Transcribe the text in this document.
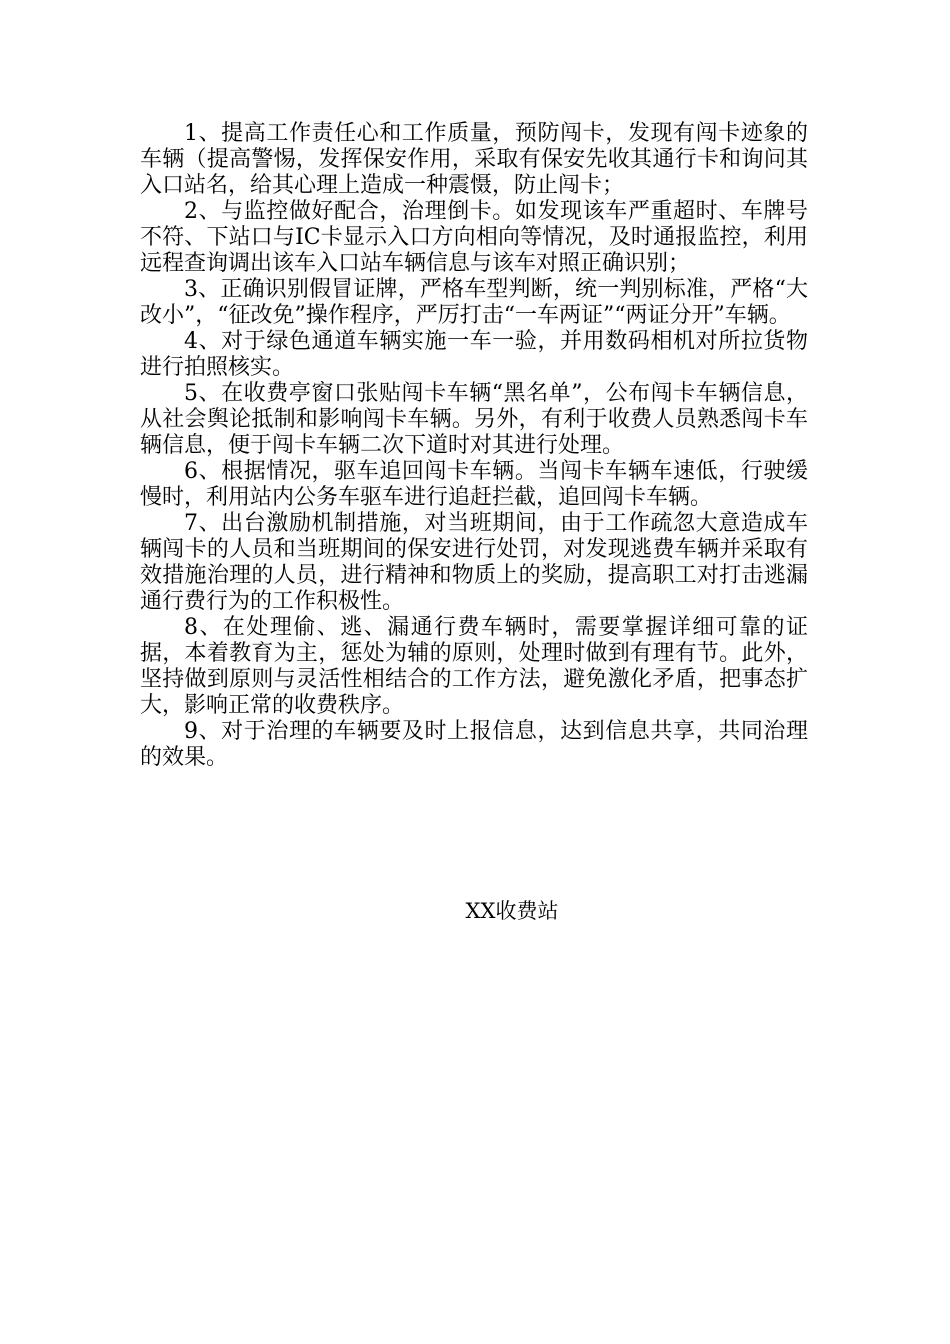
1、提高工作责任心和工作质量，预防闯卡，发现有闯卡迹象的车辆（提高警惕，发挥保安作用，采取有保安先收其通行卡和询问其入口站名，给其心理上造成一种震慑，防止闯卡；

2、与监控做好配合，治理倒卡。如发现该车严重超时、车牌号不符、下站口与IC卡显示入口方向相向等情况，及时通报监控，利用远程查询调出该车入口站车辆信息与该车对照正确识别；

3、正确识别假冒证牌，严格车型判断，统一判别标准，严格“大改小”，“征改免”操作程序，严厉打击“一车两证”“两证分开”车辆。

4、对于绿色通道车辆实施一车一验，并用数码相机对所拉货物进行拍照核实。

5、在收费亭窗口张贴闯卡车辆“黑名单”，公布闯卡车辆信息，从社会舆论抵制和影响闯卡车辆。另外，有利于收费人员熟悉闯卡车辆信息，便于闯卡车辆二次下道时对其进行处理。

6、根据情况，驱车追回闯卡车辆。当闯卡车辆车速低，行驶缓慢时，利用站内公务车驱车进行追赶拦截，追回闯卡车辆。

7、出台激励机制措施，对当班期间，由于工作疏忽大意造成车辆闯卡的人员和当班期间的保安进行处罚，对发现逃费车辆并采取有效措施治理的人员，进行精神和物质上的奖励，提高职工对打击逃漏通行费行为的工作积极性。

8、在处理偷、逃、漏通行费车辆时，需要掌握详细可靠的证据，本着教育为主，惩处为辅的原则，处理时做到有理有节。此外，坚持做到原则与灵活性相结合的工作方法，避免激化矛盾，把事态扩大，影响正常的收费秩序。

9、对于治理的车辆要及时上报信息，达到信息共享，共同治理的效果。

XX收费站
